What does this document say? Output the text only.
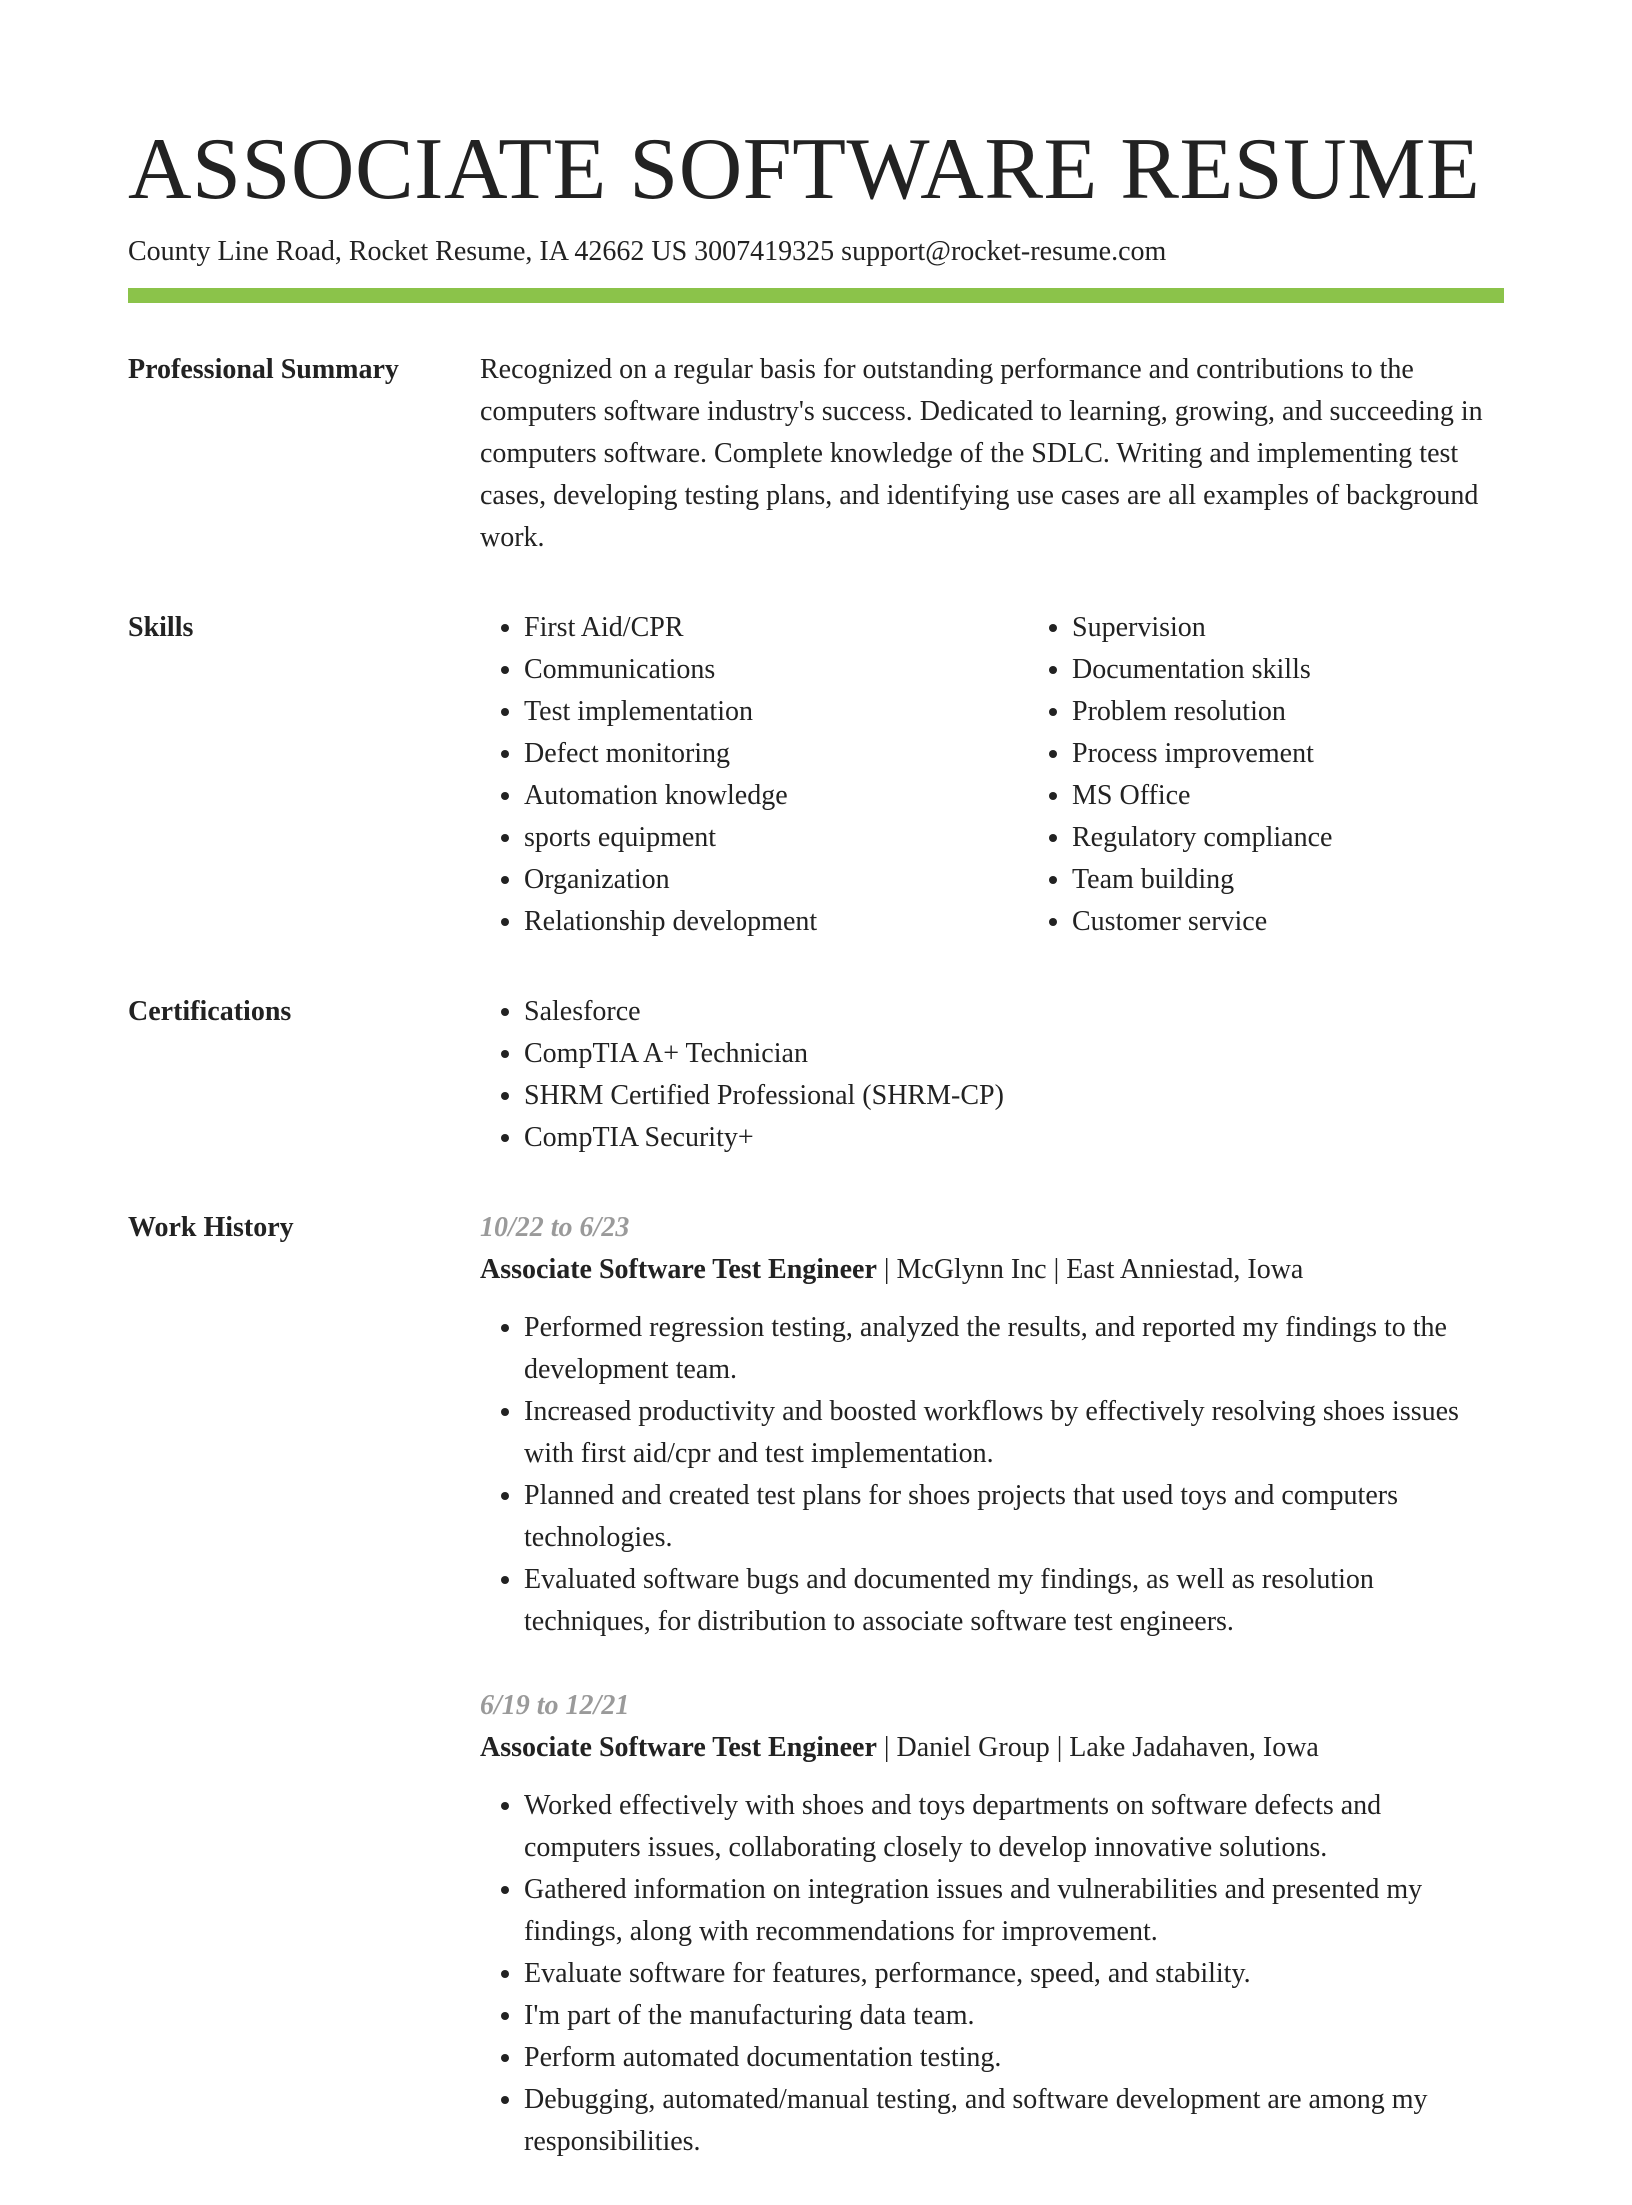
ASSOCIATE SOFTWARE RESUME
County Line Road, Rocket Resume, IA 42662 US 3007419325 support@rocket-resume.com
Professional Summary	Recognized on a regular basis for outstanding performance and contributions to the computers software industry's success. Dedicated to learning, growing, and succeeding in computers software. Complete knowledge of the SDLC. Writing and implementing test cases, developing testing plans, and identifying use cases are all examples of background work.

Skills	• First Aid/CPR
• Communications
• Test implementation
• Defect monitoring
• Automation knowledge
• sports equipment
• Organization
• Relationship development
• Supervision
• Documentation skills
• Problem resolution
• Process improvement
• MS Office
• Regulatory compliance
• Team building
• Customer service
Certifications	• Salesforce
• CompTIA A+ Technician
• SHRM Certified Professional (SHRM-CP)
• CompTIA Security+
Work History	10/22 to 6/23
Associate Software Test Engineer | McGlynn Inc | East Anniestad, Iowa
• Performed regression testing, analyzed the results, and reported my findings to the development team.
• Increased productivity and boosted workflows by effectively resolving shoes issues with first aid/cpr and test implementation.
• Planned and created test plans for shoes projects that used toys and computers technologies.
• Evaluated software bugs and documented my findings, as well as resolution techniques, for distribution to associate software test engineers.
6/19 to 12/21
Associate Software Test Engineer | Daniel Group | Lake Jadahaven, Iowa
• Worked effectively with shoes and toys departments on software defects and computers issues, collaborating closely to develop innovative solutions.
• Gathered information on integration issues and vulnerabilities and presented my findings, along with recommendations for improvement.
• Evaluate software for features, performance, speed, and stability.
• I'm part of the manufacturing data team.
• Perform automated documentation testing.
• Debugging, automated/manual testing, and software development are among my responsibilities.
